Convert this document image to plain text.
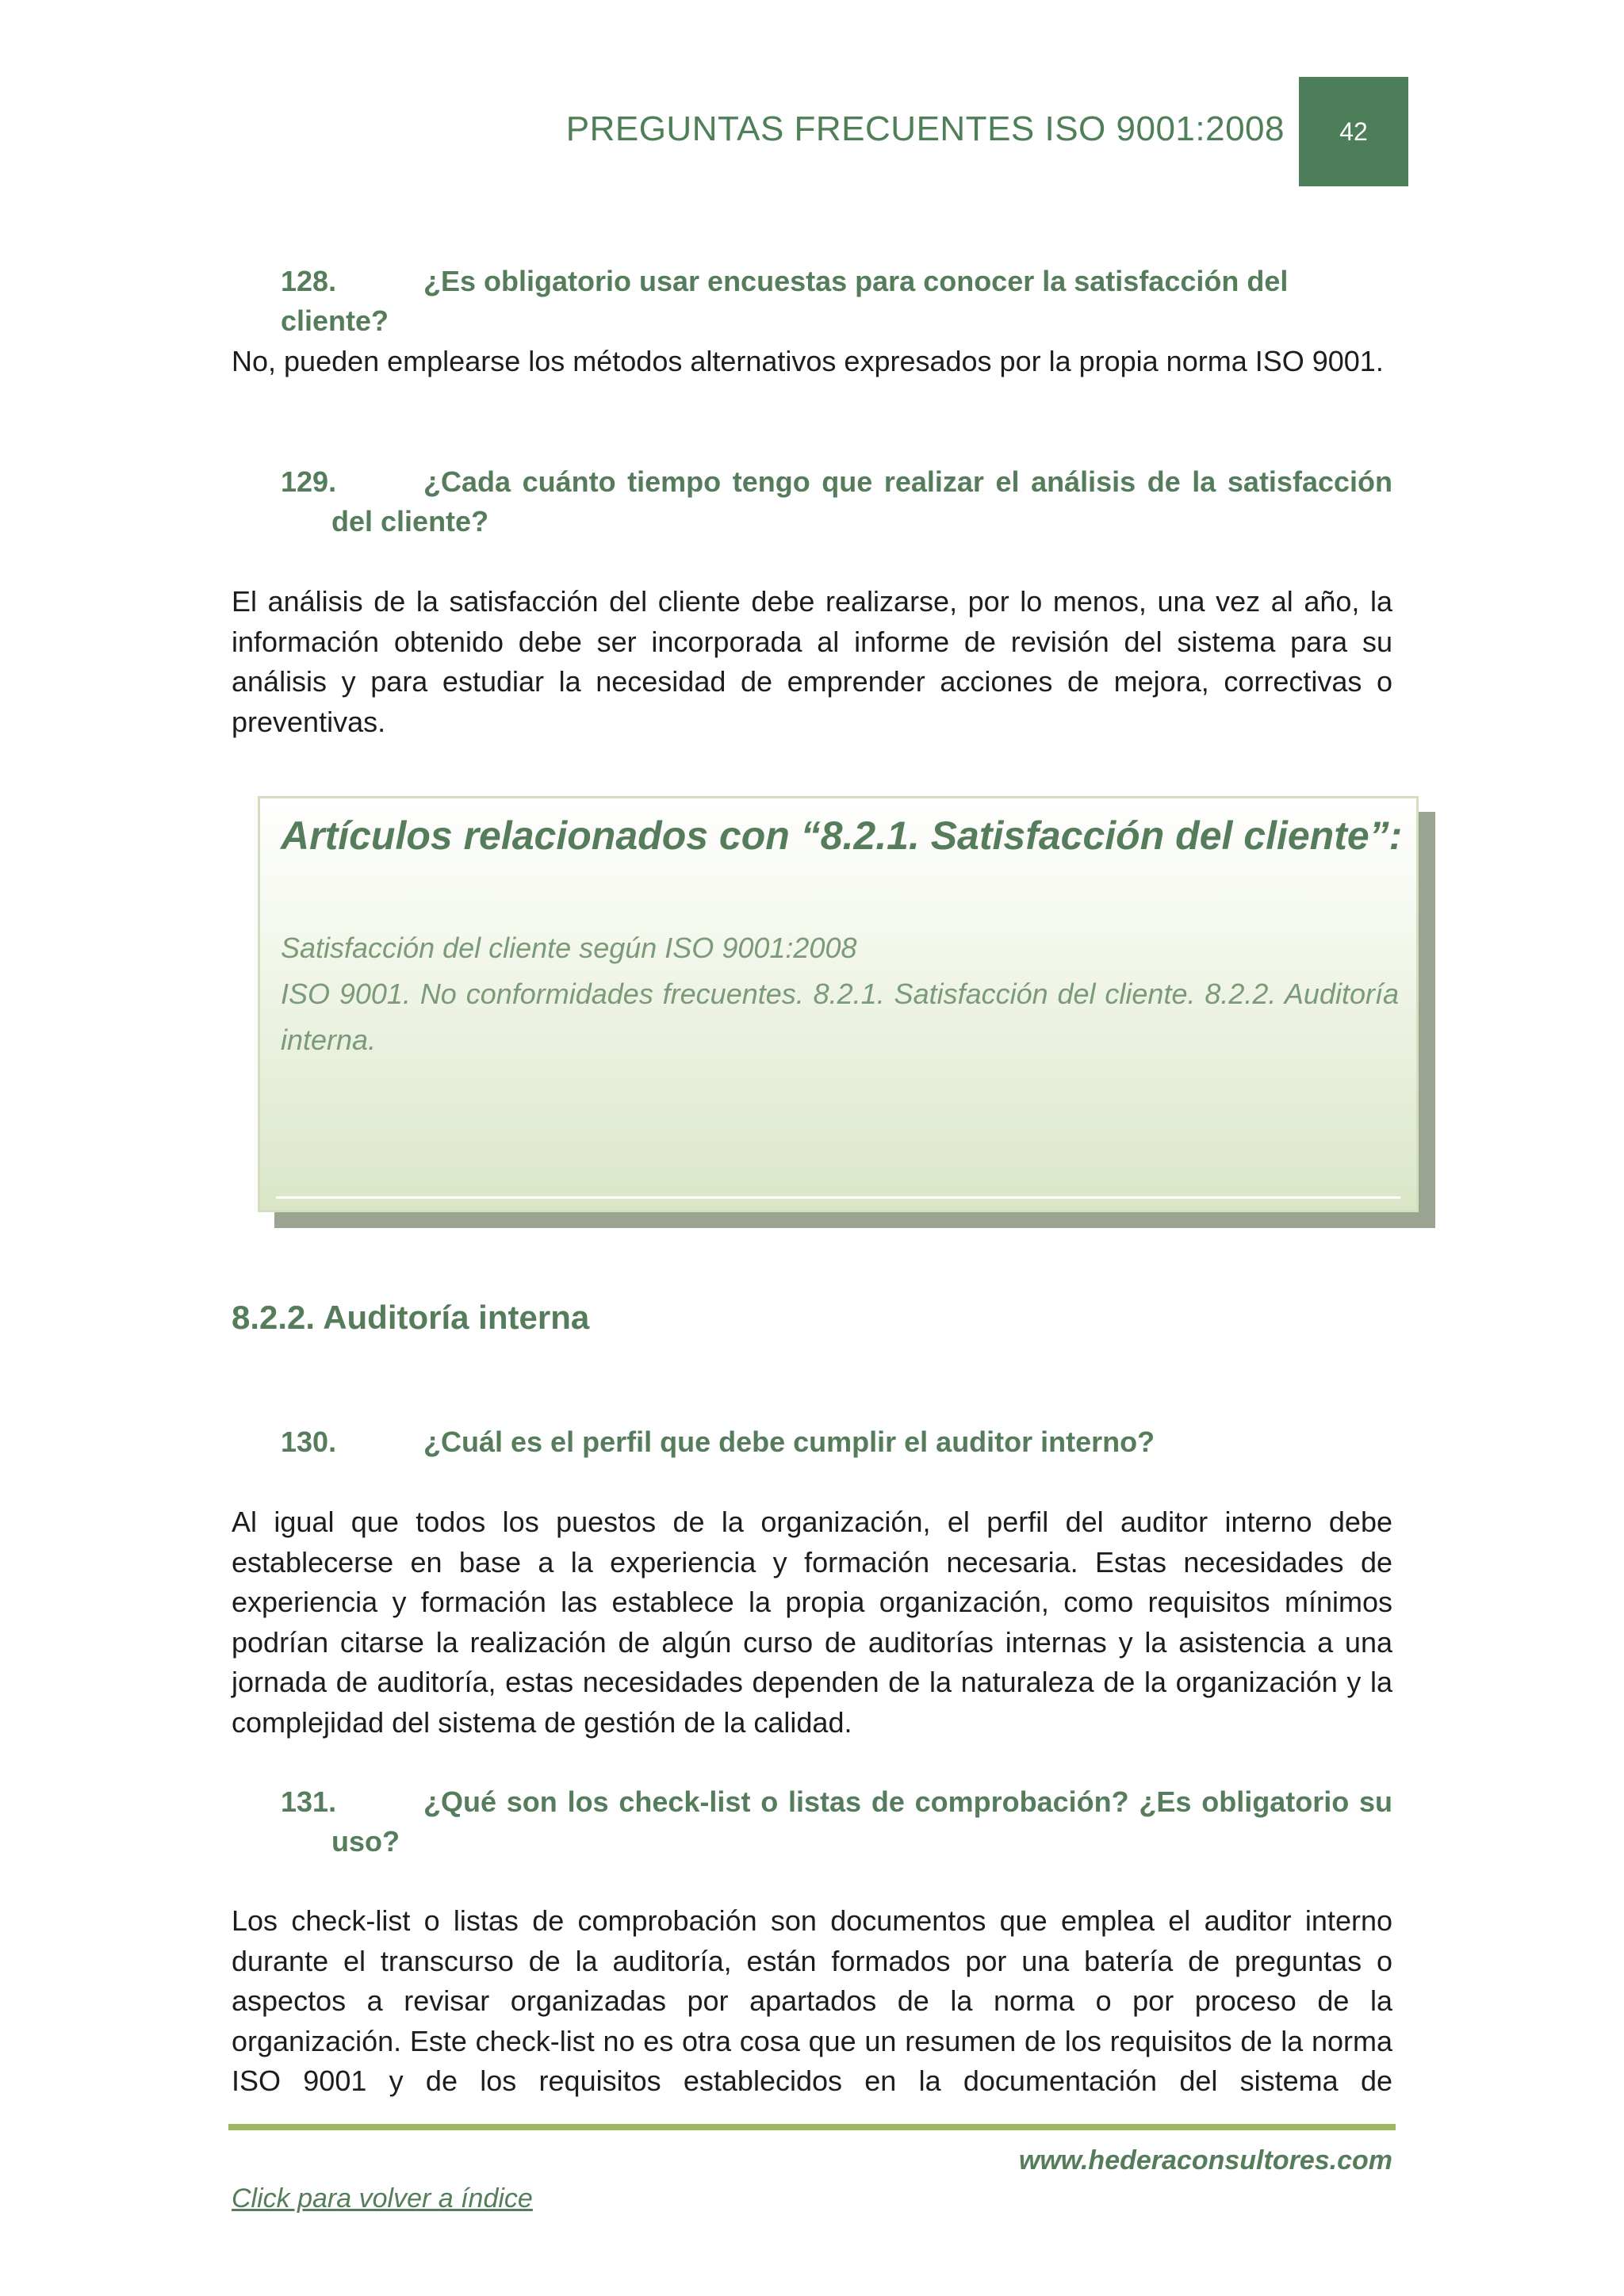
PREGUNTAS FRECUENTES ISO 9001:2008	42

128.	¿Es obligatorio usar encuestas para conocer la satisfacción del cliente?

No, pueden emplearse los métodos alternativos expresados por la propia norma ISO 9001.

129.	¿Cada cuánto tiempo tengo que realizar el análisis de la satisfacción
del cliente?

El análisis de la satisfacción del cliente debe realizarse, por lo menos, una vez al año, la información obtenido debe ser incorporada al informe de revisión del sistema para su análisis y para estudiar la necesidad de emprender acciones de mejora, correctivas o preventivas.

Artículos relacionados con “8.2.1. Satisfacción del cliente”:

Satisfacción del cliente según ISO 9001:2008
ISO 9001. No conformidades frecuentes. 8.2.1. Satisfacción del cliente. 8.2.2. Auditoría interna.
8.2.2. Auditoría interna

130.	¿Cuál es el perfil que debe cumplir el auditor interno?

Al igual que todos los puestos de la organización, el perfil del auditor interno debe establecerse en base a la experiencia y formación necesaria. Estas necesidades de experiencia y formación las establece la propia organización, como requisitos mínimos podrían citarse la realización de algún curso de auditorías internas y la asistencia a una jornada de auditoría, estas necesidades dependen de la naturaleza de la organización y la complejidad del sistema de gestión de la calidad.

131.	¿Qué son los check-list o listas de comprobación? ¿Es obligatorio su
uso?

Los check-list o listas de comprobación son documentos que emplea el auditor interno durante el transcurso de la auditoría, están formados por una batería de preguntas o aspectos a revisar organizadas por apartados de la norma o por proceso de la organización. Este check-list no es otra cosa que un resumen de los requisitos de la norma ISO 9001 y de los requisitos establecidos en la documentación del sistema de

www.hederaconsultores.com
Click para volver a índice
